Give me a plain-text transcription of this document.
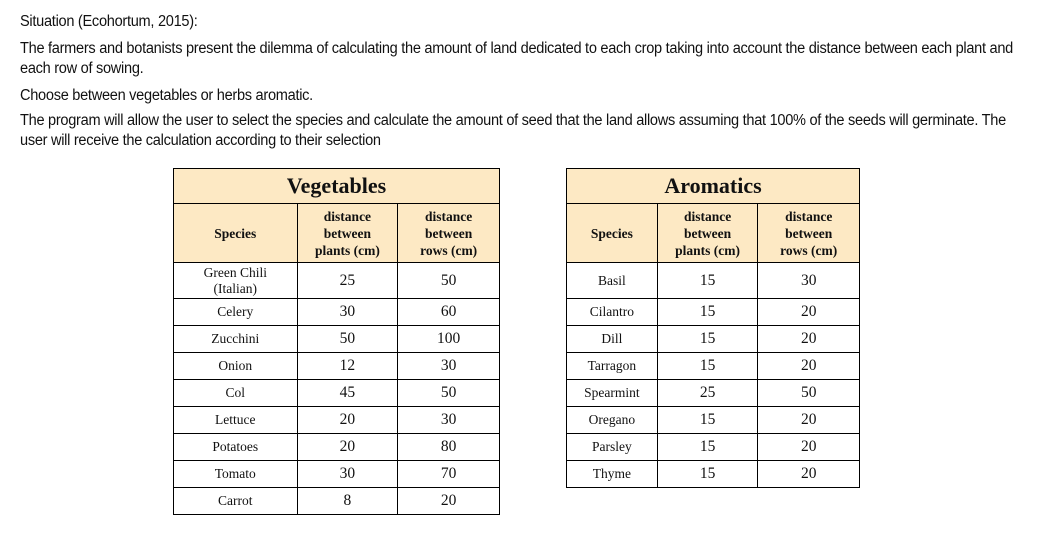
Situation (Ecohortum, 2015):
The farmers and botanists present the dilemma of calculating the amount of land dedicated to each crop taking into account the distance between each plant and each row of sowing.
Choose between vegetables or herbs aromatic.
The program will allow the user to select the species and calculate the amount of seed that the land allows assuming that 100% of the seeds will germinate. The user will receive the calculation according to their selection
Vegetables		
Species	distance
between
plants (cm)	distance
between
rows (cm)

Green Chili
(Italian)	25	50

Celery	30	60

Zucchini	50	100

Onion	12	30

Col	45	50

Lettuce	20	30

Potatoes	20	80

Tomato	30	70

Carrot	8	20
Aromatics		
Species	distance
between
plants (cm)	distance
between
rows (cm)

Basil	15	30

Cilantro	15	20

Dill	15	20

Tarragon	15	20

Spearmint	25	50

Oregano	15	20

Parsley	15	20

Thyme	15	20
